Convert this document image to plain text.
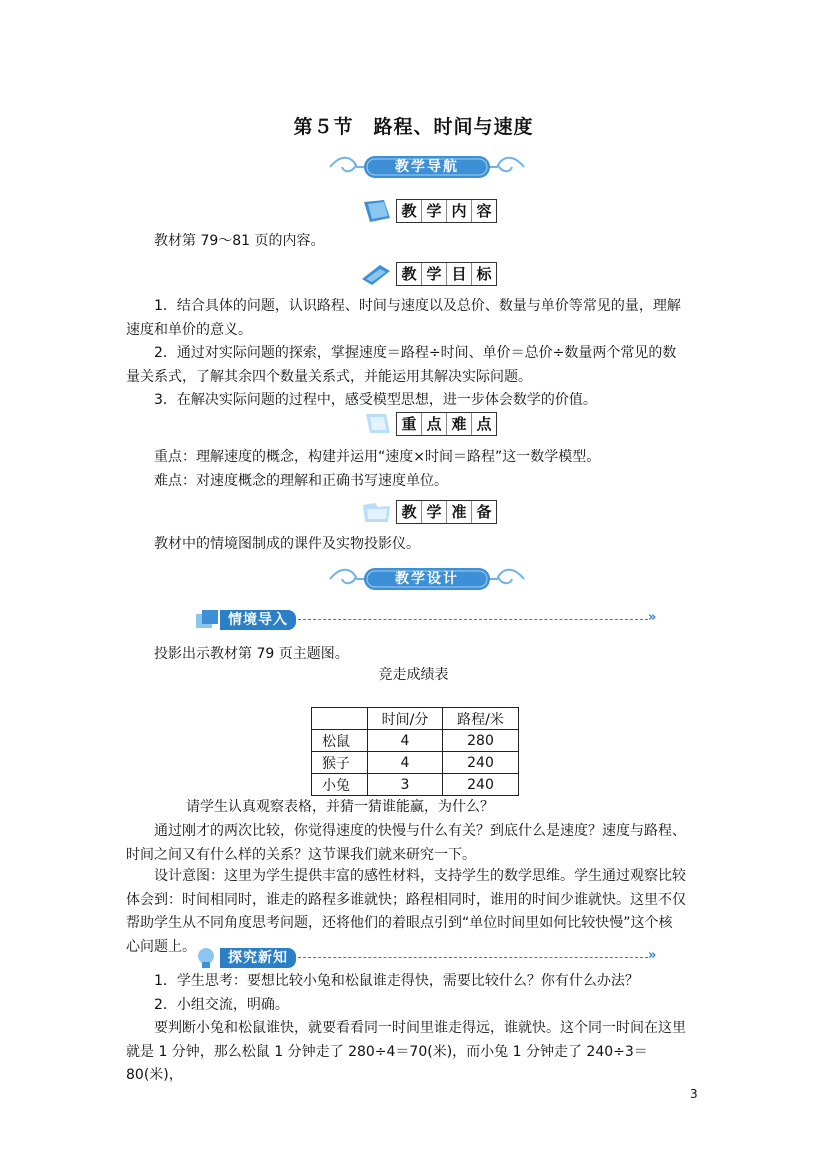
第５节　路程、时间与速度
教学导航
教 学 内 容
教材第 79～81 页的内容。
教 学 目 标
1．结合具体的问题，认识路程、时间与速度以及总价、数量与单价等常见的量，理解
速度和单价的意义。
2．通过对实际问题的探索，掌握速度＝路程÷时间、单价＝总价÷数量两个常见的数
量关系式，了解其余四个数量关系式，并能运用其解决实际问题。
3．在解决实际问题的过程中，感受模型思想，进一步体会数学的价值。
重 点 难 点
重点：理解速度的概念，构建并运用“速度×时间＝路程”这一数学模型。
难点：对速度概念的理解和正确书写速度单位。
教 学 准 备
教材中的情境图制成的课件及实物投影仪。
教学设计
情境导入	»
投影出示教材第 79 页主题图。
竞走成绩表
	时间/分	路程/米
松鼠	4	280
猴子	4	240
小兔	3	240
请学生认真观察表格，并猜一猜谁能赢，为什么？
通过刚才的两次比较，你觉得速度的快慢与什么有关？到底什么是速度？速度与路程、
时间之间又有什么样的关系？这节课我们就来研究一下。
设计意图：这里为学生提供丰富的感性材料，支持学生的数学思维。学生通过观察比较
体会到：时间相同时，谁走的路程多谁就快；路程相同时，谁用的时间少谁就快。这里不仅
帮助学生从不同角度思考问题，还将他们的着眼点引到“单位时间里如何比较快慢”这个核
心问题上。
探究新知	»
1．学生思考：要想比较小兔和松鼠谁走得快，需要比较什么？你有什么办法？
2．小组交流，明确。
要判断小兔和松鼠谁快，就要看看同一时间里谁走得远，谁就快。这个同一时间在这里
就是 1 分钟，那么松鼠 1 分钟走了 280÷4＝70(米)，而小兔 1 分钟走了 240÷3＝80(米)，
3
